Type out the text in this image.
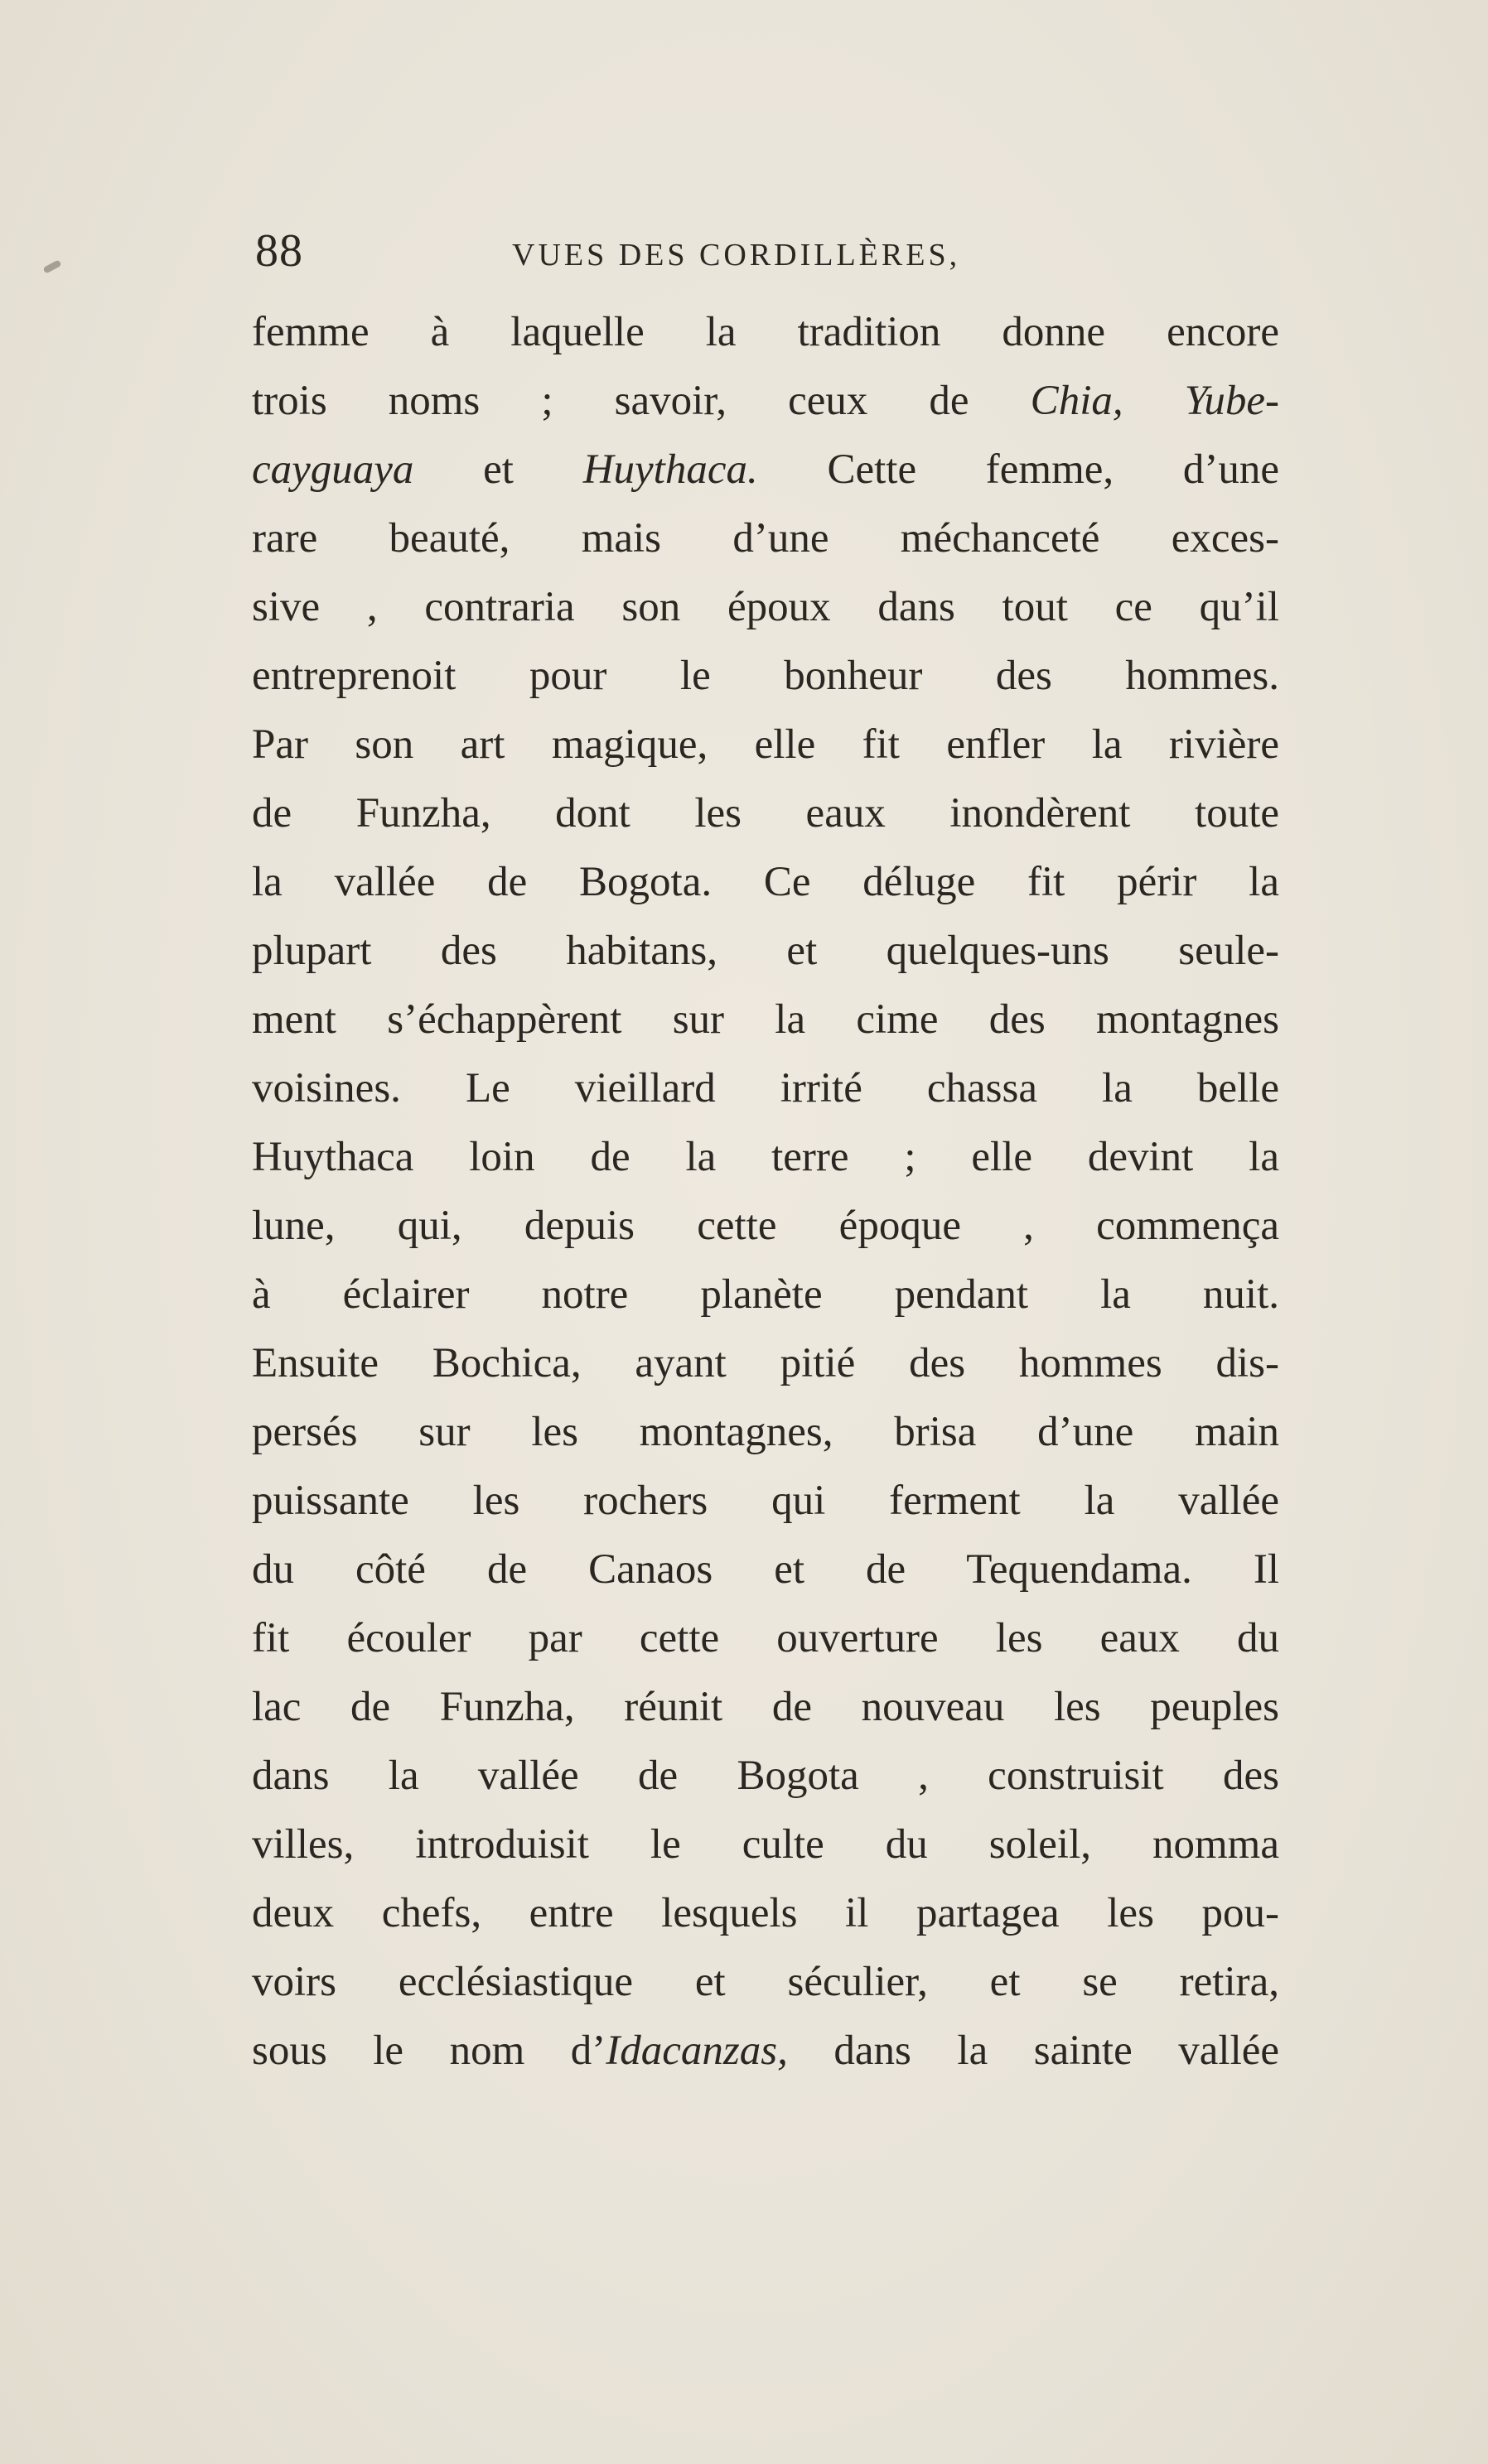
88	VUES DES CORDILLÈRES,
femme à laquelle la tradition donne encore
trois noms ; savoir, ceux de Chia, Yube-
cayguaya et Huythaca. Cette femme, d’une
rare beauté, mais d’une méchanceté exces-
sive , contraria son époux dans tout ce qu’il
entreprenoit pour le bonheur des hommes.
Par son art magique, elle fit enfler la rivière
de Funzha, dont les eaux inondèrent toute
la vallée de Bogota. Ce déluge fit périr la
plupart des habitans, et quelques-uns seule-
ment s’échappèrent sur la cime des montagnes
voisines. Le vieillard irrité chassa la belle
Huythaca loin de la terre ; elle devint la
lune, qui, depuis cette époque , commença
à éclairer notre planète pendant la nuit.
Ensuite Bochica, ayant pitié des hommes dis-
persés sur les montagnes, brisa d’une main
puissante les rochers qui ferment la vallée
du côté de Canaos et de Tequendama. Il
fit écouler par cette ouverture les eaux du
lac de Funzha, réunit de nouveau les peuples
dans la vallée de Bogota , construisit des
villes, introduisit le culte du soleil, nomma
deux chefs, entre lesquels il partagea les pou-
voirs ecclésiastique et séculier, et se retira,
sous le nom d’Idacanzas, dans la sainte vallée
